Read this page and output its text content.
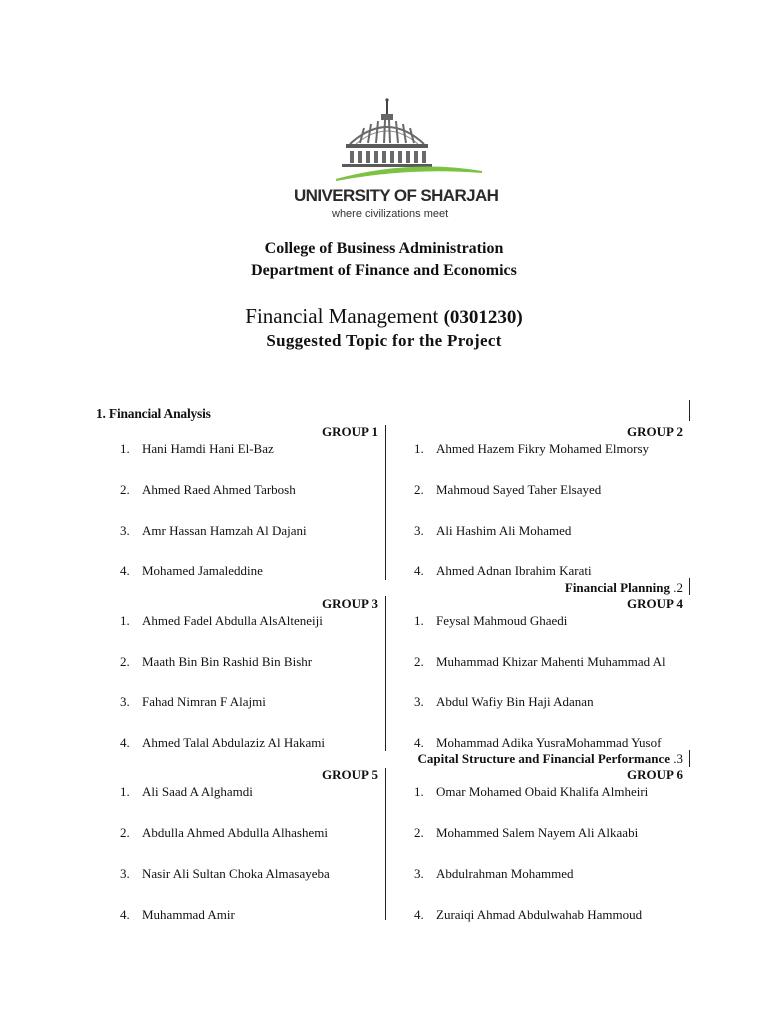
UNIVERSITY OF SHARJAH
where civilizations meet
College of Business Administration
Department of Finance and Economics
Financial Management (0301230)
Suggested Topic for the Project
1. Financial Analysis
GROUP 1
1. Hani Hamdi Hani El-Baz
2. Ahmed Raed Ahmed Tarbosh
3. Amr Hassan Hamzah Al Dajani
4. Mohamed Jamaleddine
GROUP 2
1. Ahmed Hazem Fikry Mohamed Elmorsy
2. Mahmoud Sayed Taher Elsayed
3. Ali Hashim Ali Mohamed
4. Ahmed Adnan Ibrahim Karati
Financial Planning .2
GROUP 3
1. Ahmed Fadel Abdulla AlsAlteneiji
2. Maath Bin Bin Rashid Bin Bishr
3. Fahad Nimran F Alajmi
4. Ahmed Talal Abdulaziz Al Hakami
GROUP 4
1. Feysal Mahmoud Ghaedi
2. Muhammad Khizar Mahenti Muhammad Al
3. Abdul Wafiy Bin Haji Adanan
4. Mohammad Adika YusraMohammad Yusof
Capital Structure and Financial Performance .3
GROUP 5
1. Ali Saad A Alghamdi
2. Abdulla Ahmed Abdulla Alhashemi
3. Nasir Ali Sultan Choka Almasayeba
4. Muhammad Amir
GROUP 6
1. Omar Mohamed Obaid Khalifa Almheiri
2. Mohammed Salem Nayem Ali Alkaabi
3. Abdulrahman Mohammed
4. Zuraiqi Ahmad Abdulwahab Hammoud
